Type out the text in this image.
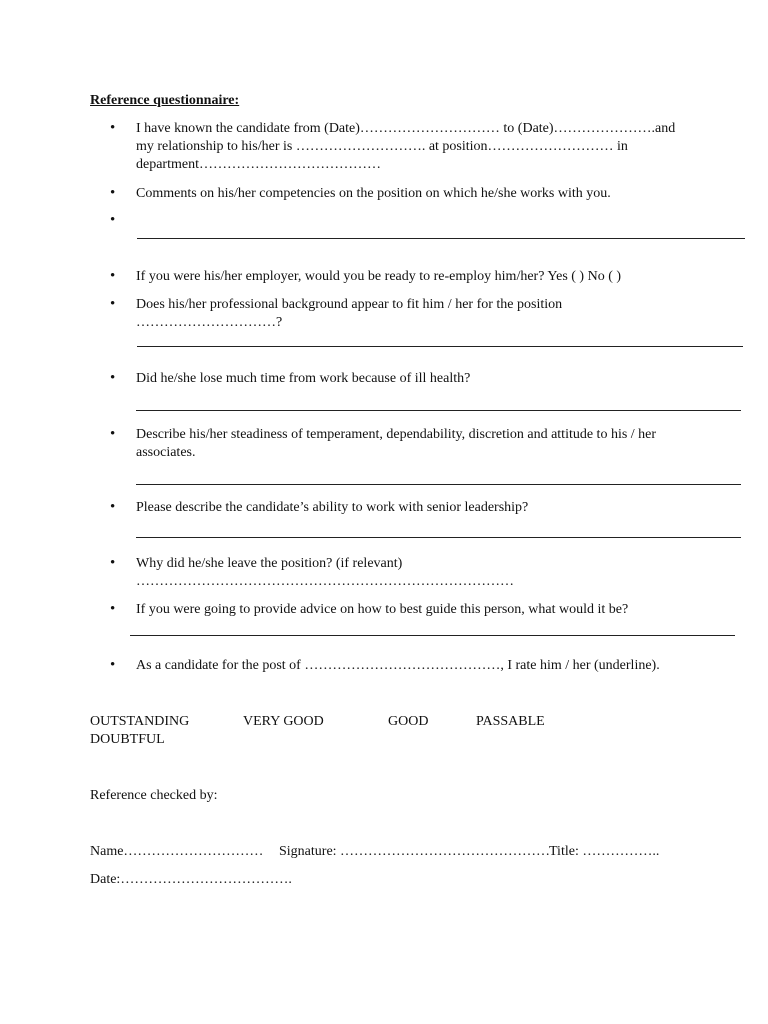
Reference questionnaire:
• I have known the candidate from (Date)………………………… to (Date)………………….and
my relationship to his/her is ………………………. at position……………………… in
department…………………………………
• Comments on his/her competencies on the position on which he/she works with you.
•
• If you were his/her employer, would you be ready to re-employ him/her? Yes ( ) No ( )
• Does his/her professional background appear to fit him / her for the position
…………………………?
• Did he/she lose much time from work because of ill health?
• Describe his/her steadiness of temperament, dependability, discretion and attitude to his / her
associates.
• Please describe the candidate’s ability to work with senior leadership?
• Why did he/she leave the position? (if relevant)
………………………………………………………………………
• If you were going to provide advice on how to best guide this person, what would it be?
• As a candidate for the post of ……………………………………, I rate him / her (underline).
OUTSTANDING	VERY GOOD	GOOD	PASSABLE
DOUBTFUL
Reference checked by:
Name………………………… Signature: ………………………………………
Title: ……………..
Date:……………………………….
